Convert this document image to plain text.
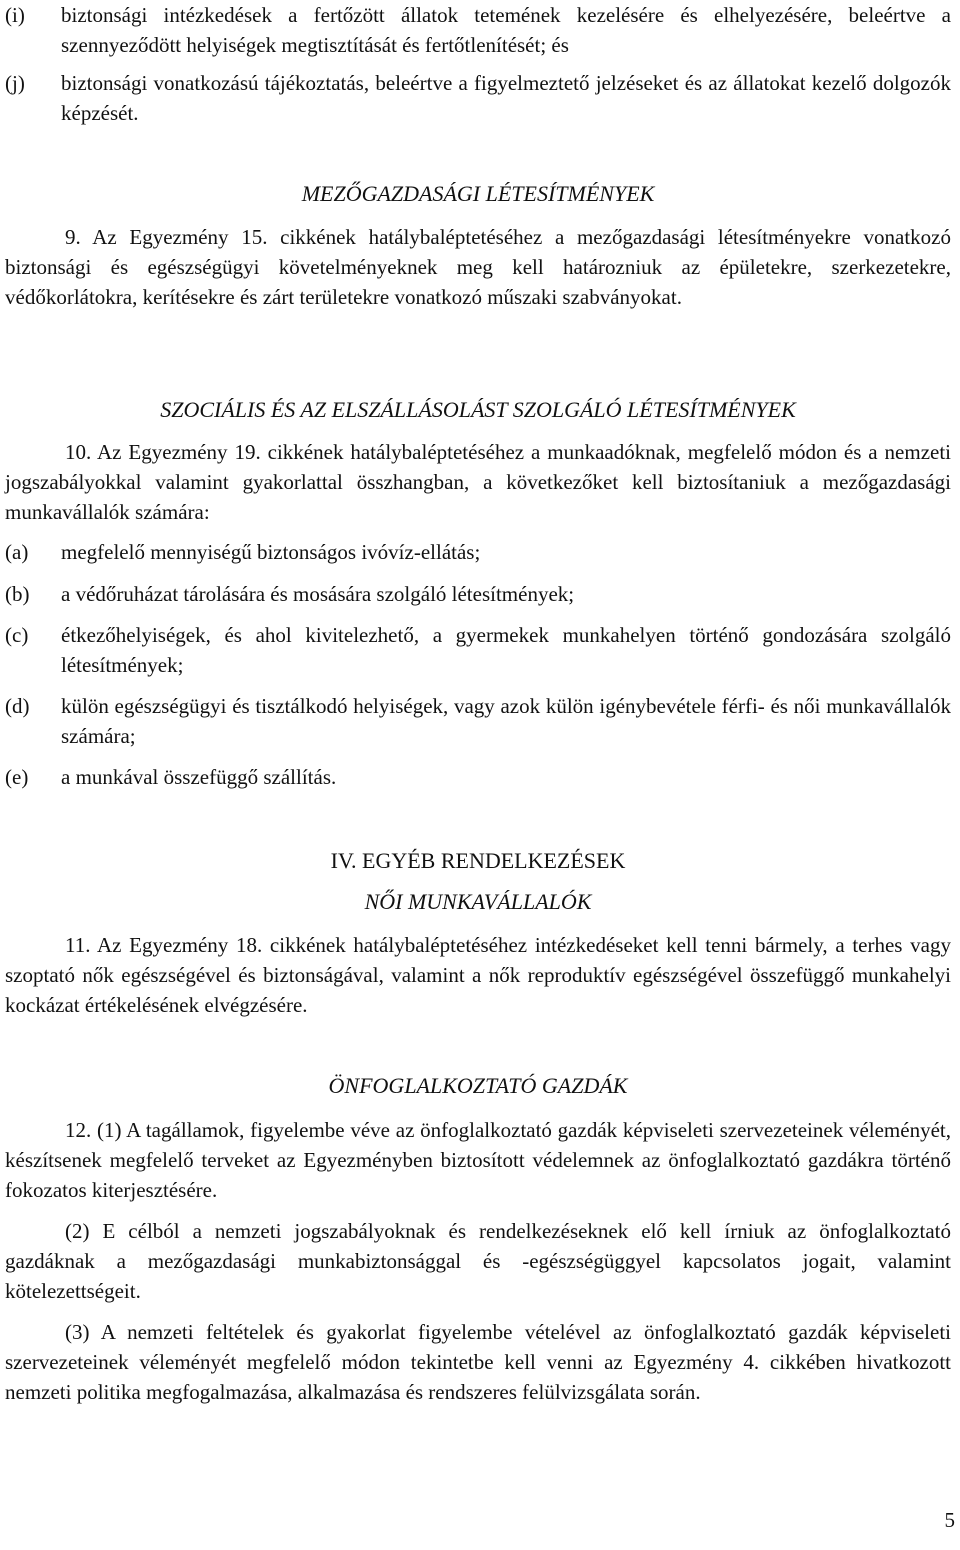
(i)	biztonsági intézkedések a fertőzött állatok tetemének kezelésére és elhelyezésére, beleértve a szennyeződött helyiségek megtisztítását és fertőtlenítését; és
(j)	biztonsági vonatkozású tájékoztatás, beleértve a figyelmeztető jelzéseket és az állatokat kezelő dolgozók képzését.
MEZŐGAZDASÁGI LÉTESÍTMÉNYEK
9. Az Egyezmény 15. cikkének hatálybaléptetéséhez a mezőgazdasági létesítményekre vonatkozó biztonsági és egészségügyi követelményeknek meg kell határozniuk az épületekre, szerkezetekre, védőkorlátokra, kerítésekre és zárt területekre vonatkozó műszaki szabványokat.
SZOCIÁLIS ÉS AZ ELSZÁLLÁSOLÁST SZOLGÁLÓ LÉTESÍTMÉNYEK
10. Az Egyezmény 19. cikkének hatálybaléptetéséhez a munkaadóknak, megfelelő módon és a nemzeti jogszabályokkal valamint gyakorlattal összhangban, a következőket kell biztosítaniuk a mezőgazdasági munkavállalók számára:
(a)	megfelelő mennyiségű biztonságos ivóvíz-ellátás;
(b)	a védőruházat tárolására és mosására szolgáló létesítmények;
(c)	étkezőhelyiségek, és ahol kivitelezhető, a gyermekek munkahelyen történő gondozására szolgáló létesítmények;
(d)	külön egészségügyi és tisztálkodó helyiségek, vagy azok külön igénybevétele férfi- és női munkavállalók számára;
(e)	a munkával összefüggő szállítás.
IV. EGYÉB RENDELKEZÉSEK
NŐI MUNKAVÁLLALÓK
11. Az Egyezmény 18. cikkének hatálybaléptetéséhez intézkedéseket kell tenni bármely, a terhes vagy szoptató nők egészségével és biztonságával, valamint a nők reproduktív egészségével összefüggő munkahelyi kockázat értékelésének elvégzésére.
ÖNFOGLALKOZTATÓ GAZDÁK
12. (1) A tagállamok, figyelembe véve az önfoglalkoztató gazdák képviseleti szervezeteinek véleményét, készítsenek megfelelő terveket az Egyezményben biztosított védelemnek az önfoglalkoztató gazdákra történő fokozatos kiterjesztésére.
(2) E célból a nemzeti jogszabályoknak és rendelkezéseknek elő kell írniuk az önfoglalkoztató gazdáknak a mezőgazdasági munkabiztonsággal és -egészségüggyel kapcsolatos jogait, valamint kötelezettségeit.
(3) A nemzeti feltételek és gyakorlat figyelembe vételével az önfoglalkoztató gazdák képviseleti szervezeteinek véleményét megfelelő módon tekintetbe kell venni az Egyezmény 4. cikkében hivatkozott nemzeti politika megfogalmazása, alkalmazása és rendszeres felülvizsgálata során.
5
